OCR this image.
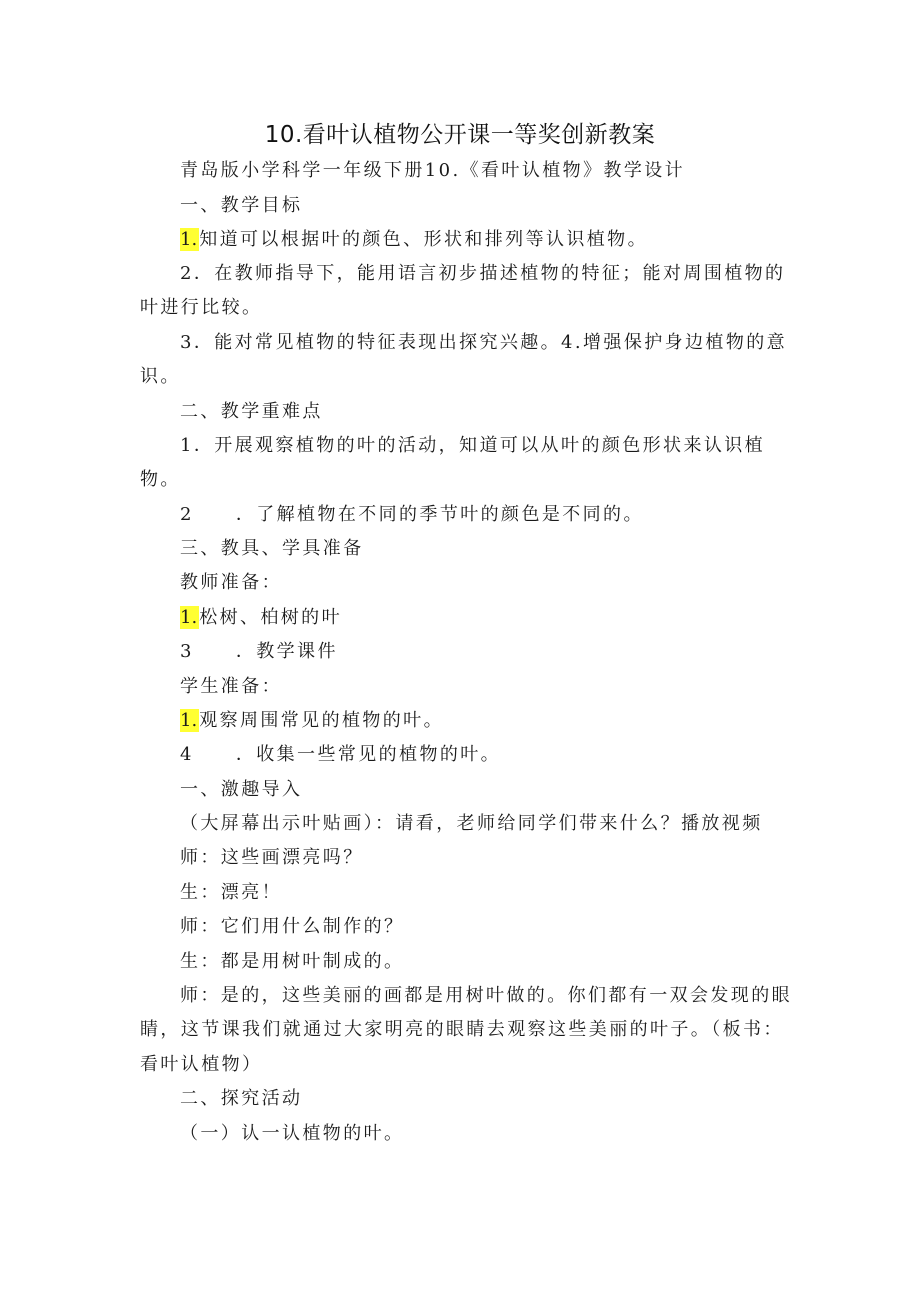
10.看叶认植物公开课一等奖创新教案
青岛版小学科学一年级下册10.《看叶认植物》教学设计
一、教学目标
1. 知道可以根据叶的颜色、形状和排列等认识植物。
2．在教师指导下，能用语言初步描述植物的特征；能对周围植物的
叶进行比较。
3．能对常见植物的特征表现出探究兴趣。4.增强保护身边植物的意
识。
二、教学重难点
1．开展观察植物的叶的活动，知道可以从叶的颜色形状来认识植
物。
2 ．了解植物在不同的季节叶的颜色是不同的。
三、教具、学具准备
教师准备：
1. 松树、柏树的叶
3 ．教学课件
学生准备：
1. 观察周围常见的植物的叶。
4 ．收集一些常见的植物的叶。
一、激趣导入
（大屏幕出示叶贴画）：请看，老师给同学们带来什么？播放视频
师：这些画漂亮吗？
生：漂亮！
师：它们用什么制作的？
生：都是用树叶制成的。
师：是的，这些美丽的画都是用树叶做的。你们都有一双会发现的眼
睛，这节课我们就通过大家明亮的眼睛去观察这些美丽的叶子。（板书：
看叶认植物）
二、探究活动
（一）认一认植物的叶。
